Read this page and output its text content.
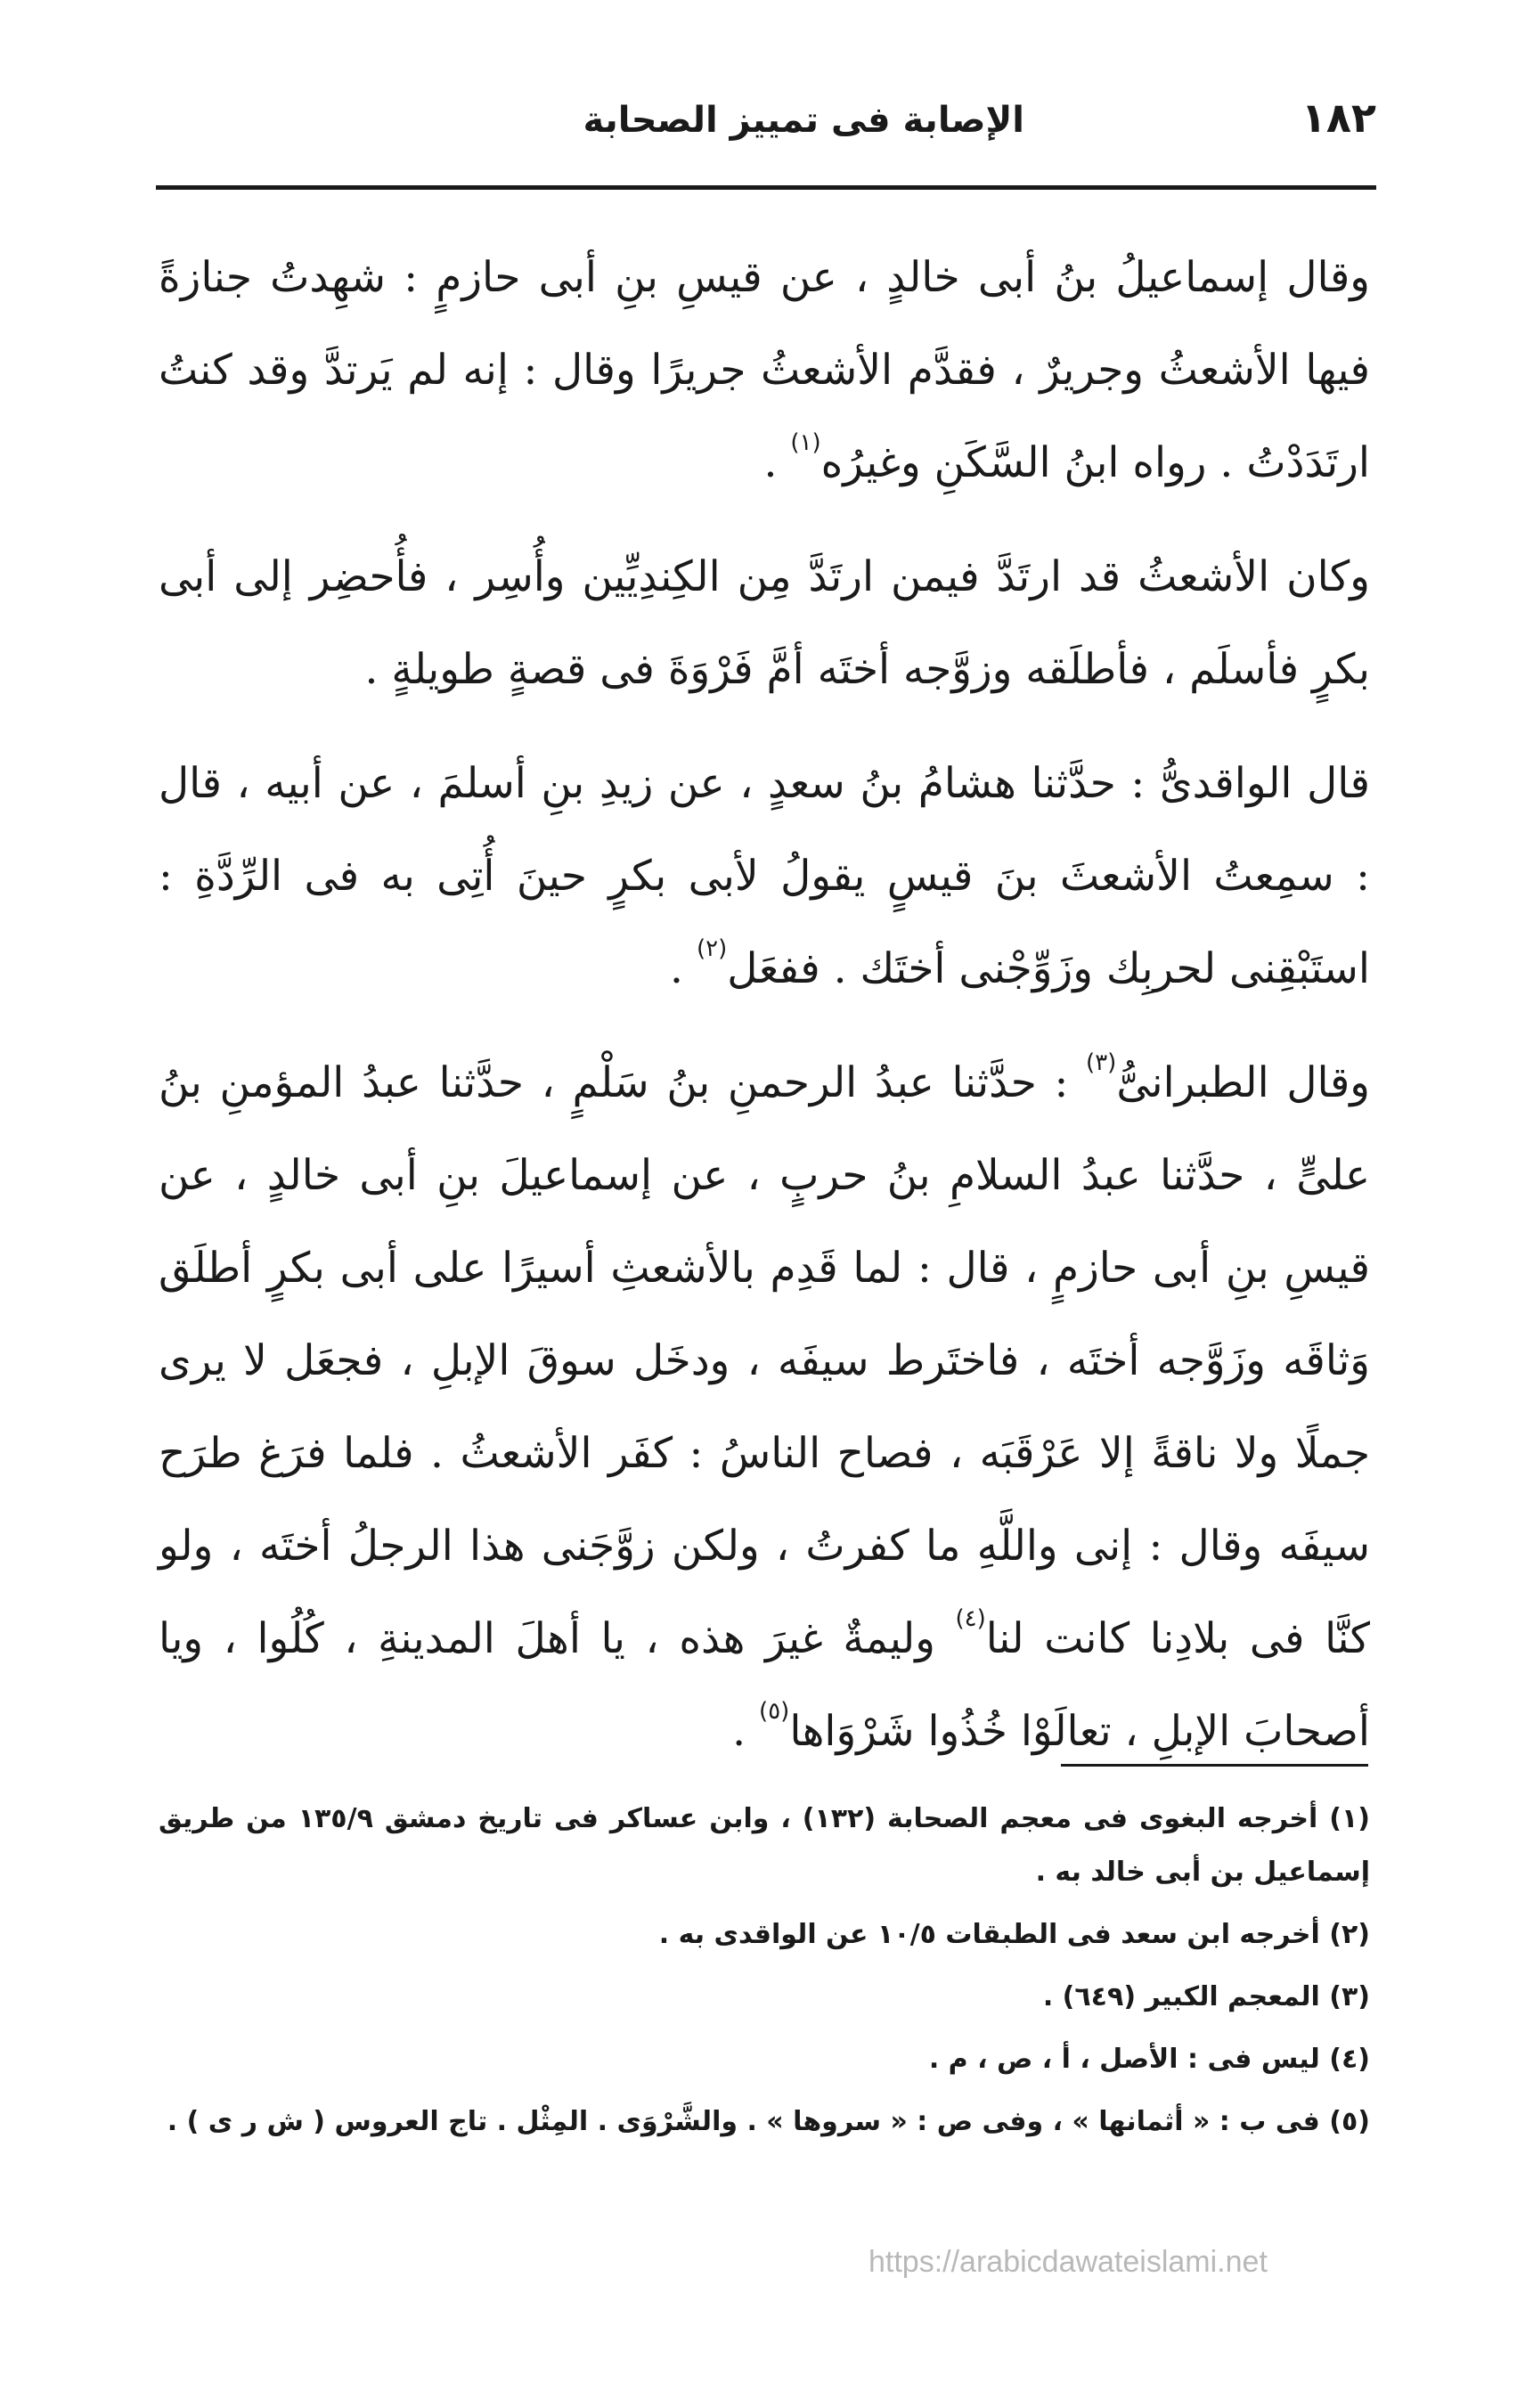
١٨٢
الإصابة فى تمييز الصحابة

وقال إسماعيلُ بنُ أبى خالدٍ ، عن قيسِ بنِ أبى حازمٍ : شهِدتُ جنازةً فيها الأشعثُ وجريرٌ ، فقدَّم الأشعثُ جريرًا وقال : إنه لم يَرتدَّ وقد كنتُ ارتَدَدْتُ . رواه ابنُ السَّكَنِ وغيرُه$^{(١)}$ .

وكان الأشعثُ قد ارتَدَّ فيمن ارتَدَّ مِن الكِندِيِّين وأُسِر ، فأُحضِر إلى أبى بكرٍ فأسلَم ، فأطلَقه وزوَّجه أختَه أمَّ فَرْوَةَ فى قصةٍ طويلةٍ .

قال الواقدىُّ : حدَّثنا هشامُ بنُ سعدٍ ، عن زيدِ بنِ أسلمَ ، عن أبيه ، قال : سمِعتُ الأشعثَ بنَ قيسٍ يقولُ لأبى بكرٍ حينَ أُتِى به فى الرِّدَّةِ : استَبْقِنى لحربِك وزَوِّجْنى أختَك . ففعَل$^{(٢)}$ .

وقال الطبرانىُّ$^{(٣)}$ : حدَّثنا عبدُ الرحمنِ بنُ سَلْمٍ ، حدَّثنا عبدُ المؤمنِ بنُ علىٍّ ، حدَّثنا عبدُ السلامِ بنُ حربٍ ، عن إسماعيلَ بنِ أبى خالدٍ ، عن قيسِ بنِ أبى حازمٍ ، قال : لما قَدِم بالأشعثِ أسيرًا على أبى بكرٍ أطلَق وَثاقَه وزَوَّجه أختَه ، فاختَرط سيفَه ، ودخَل سوقَ الإبلِ ، فجعَل لا يرى جملًا ولا ناقةً إلا عَرْقَبَه ، فصاح الناسُ : كفَر الأشعثُ . فلما فرَغ طرَح سيفَه وقال : إنى واللَّهِ ما كفرتُ ، ولكن زوَّجَنى هذا الرجلُ أختَه ، ولو كنَّا فى بلادِنا كانت لنا$^{(٤)}$ وليمةٌ غيرَ هذه ، يا أهلَ المدينةِ ، كُلُوا ، ويا أصحابَ الإبلِ ، تعالَوْا خُذُوا شَرْوَاها$^{(٥)}$ .

(١) أخرجه البغوى فى معجم الصحابة (١٣٢) ، وابن عساكر فى تاريخ دمشق ١٣٥/٩ من طريق إسماعيل بن أبى خالد به .
(٢) أخرجه ابن سعد فى الطبقات ١٠/٥ عن الواقدى به .
(٣) المعجم الكبير (٦٤٩) .
(٤) ليس فى : الأصل ، أ ، ص ، م .
(٥) فى ب : « أثمانها » ، وفى ص : « سروها » . والشَّرْوَى . المِثْل . تاج العروس ( ش ر ى ) .
https://arabicdawateislami.net
